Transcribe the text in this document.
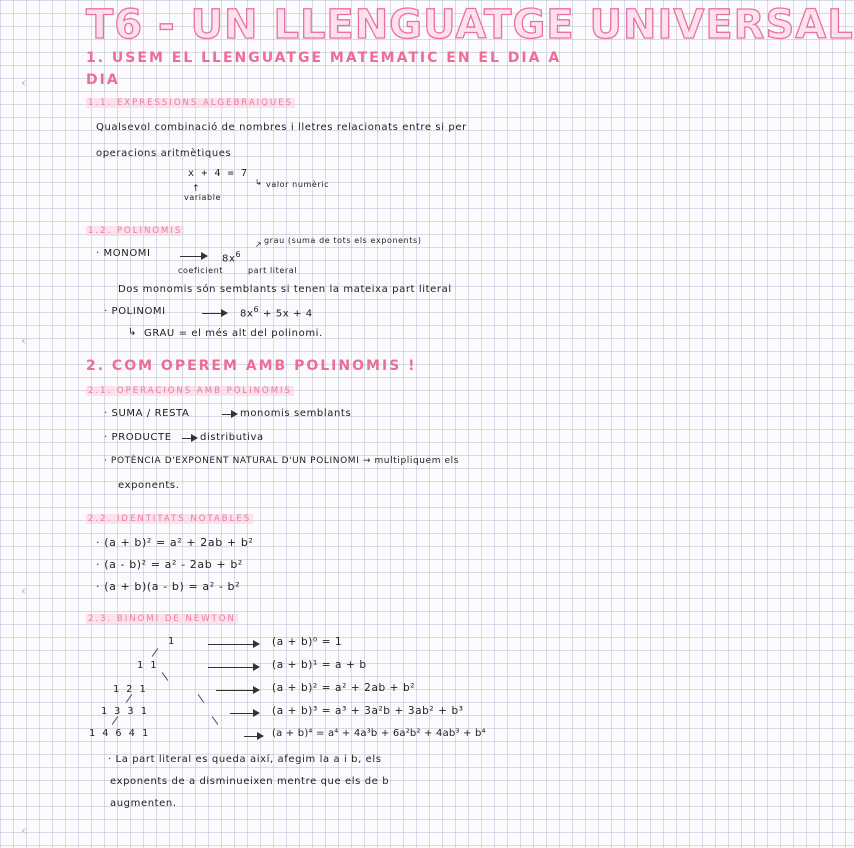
T6 - UN LLENGUATGE UNIVERSAL
1. USEM EL LLENGUATGE MATEMATIC EN EL DIA A
DIA
1.1. EXPRESSIONS ALGEBRAIQUES
Qualsevol combinació de nombres i lletres relacionats entre si per
operacions aritmètiques
x + 4 = 7
↑
variable
↳ valor numèric
1.2. POLINOMIS
· MONOMI	$8x^6$
↗ grau (suma de tots els exponents)
coeficient	part literal
Dos monomis són semblants si tenen la mateixa part literal
· POLINOMI	$8x^6 + 5x + 4$
↳ GRAU = el més alt del polinomi.
2. COM OPEREM AMB POLINOMIS !
2.1. OPERACIONS AMB POLINOMIS
· SUMA / RESTA	monomis semblants
· PRODUCTE	distributiva
· POTÈNCIA D'EXPONENT NATURAL D'UN POLINOMI → multipliquem els
exponents.
2.2. IDENTITATS NOTABLES
· (a + b)² = a² + 2ab + b²
· (a - b)² = a² - 2ab + b²
· (a + b)(a - b) = a² - b²
2.3. BINOMI DE NEWTON
1
1 1
1 2 1
1 3 3 1
1 4 6 4 1
(a + b)⁰ = 1
(a + b)¹ = a + b
(a + b)² = a² + 2ab + b²
(a + b)³ = a³ + 3a²b + 3ab² + b³
(a + b)⁴ = a⁴ + 4a³b + 6a²b² + 4ab³ + b⁴
· La part literal es queda així, afegim la a i b, els
exponents de a disminueixen mentre que els de b
augmenten.
